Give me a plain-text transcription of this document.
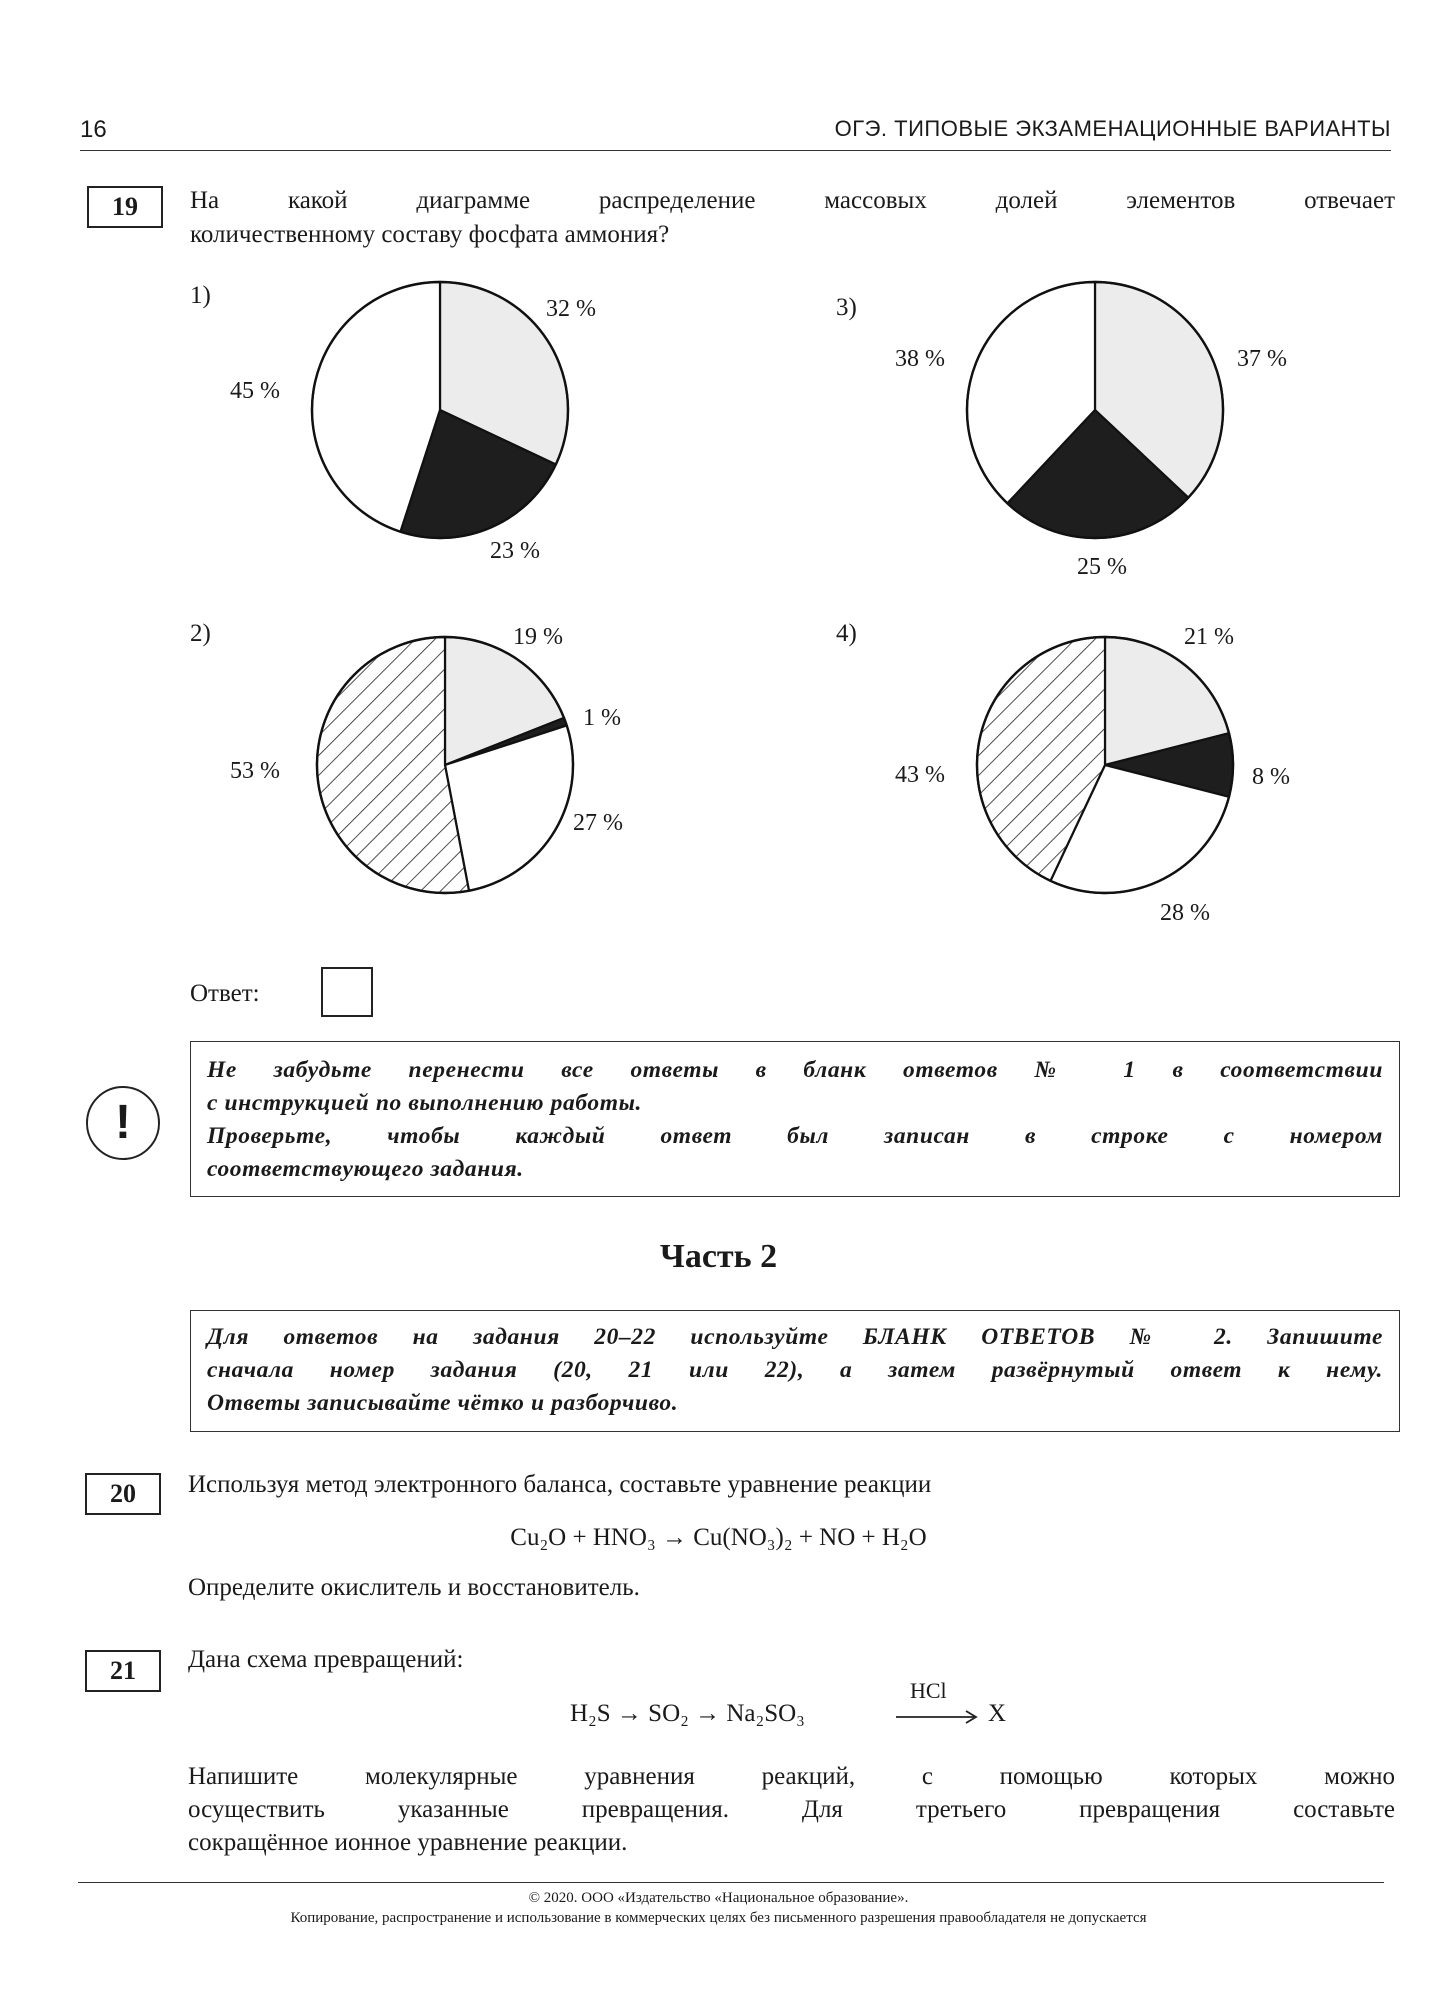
16	ОГЭ. ТИПОВЫЕ ЭКЗАМЕНАЦИОННЫЕ ВАРИАНТЫ
19	На какой диаграмме распределение массовых долей элементов отвечает
количественному составу фосфата аммония?
1)
2)
3)
4)
32 %
23 %
45 %
19 %
1 %
27 %
53 %
37 %
25 %
38 %
21 %
8 %
28 %
43 %
Ответ:
!
Не забудьте перенести все ответы в бланк ответов № 1 в соответствии
с инструкцией по выполнению работы.
Проверьте, чтобы каждый ответ был записан в строке с номером
соответствующего задания.
Часть 2
Для ответов на задания 20–22 используйте БЛАНК ОТВЕТОВ № 2. Запишите
сначала номер задания (20, 21 или 22), а затем развёрнутый ответ к нему.
Ответы записывайте чётко и разборчиво.
20	Используя метод электронного баланса, составьте уравнение реакции
Cu₂O + HNO₃ → Cu(NO₃)₂ + NO + H₂O
Определите окислитель и восстановитель.
21	Дана схема превращений:
H₂S → SO₂ → Na₂SO₃
HCl
X
Напишите молекулярные уравнения реакций, с помощью которых можно
осуществить указанные превращения. Для третьего превращения составьте
сокращённое ионное уравнение реакции.
© 2020. ООО «Издательство «Национальное образование».
Копирование, распространение и использование в коммерческих целях без письменного разрешения правообладателя не допускается
